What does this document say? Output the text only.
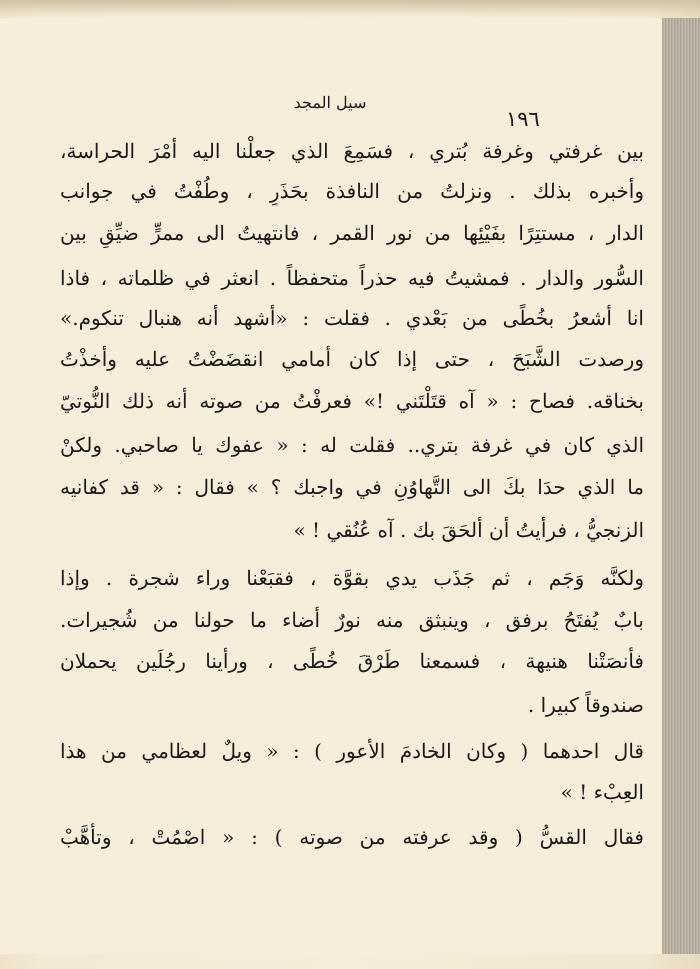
١٩٦
سيل المجد
بين غرفتي وغرفة بُتري ، فسَمِعَ الذي جعلْنا اليه أمْرَ الحراسة،
وأخبره بذلك . ونزلتُ من النافذة بحَذَرٍ ، وطُفْتُ في جوانب
الدار ، مستتِرًا بفَيْئِها من نور القمر ، فانتهيتُ الى ممرٍّ ضيِّقٍ بين
السُّور والدار . فمشيتُ فيه حذراً متحفظاً . انعثر في ظلماته ، فاذا
انا أشعرُ بخُطًى من بَعْدي . فقلت : «أشهد أنه هنبال تنكوم.»
ورصدت الشَّبَحَ ، حتى إذا كان أمامي انقضَضْتُ عليه وأخذْتُ
بخناقه. فصاح : « آه قتَلْتَني !» فعرفْتُ من صوته أنه ذلك النُّوتيّ
الذي كان في غرفة بتري.. فقلت له : « عفوك يا صاحبي. ولكنْ
ما الذي حدَا بكَ الى التَّهاوُنِ في واجبك ؟ » فقال : « قد كفانيه
الزنجيُّ ، فرأيتُ أن ألحَقَ بك . آه عُنُقي ! »
ولكنَّه وَجَم ، ثم جَذَب يدي بقوَّة ، فقبَعْنا وراء شجرة . وإذا
بابٌ يُفتَحُ برفق ، وينبثق منه نورٌ أضاء ما حولنا من شُجيرات.
فأنصَتْنا هنيهة ، فسمعنا طَرْقَ خُطًى ، ورأينا رجُلَين يحملان
صندوقاً كبيرا .
قال احدهما ( وكان الخادمَ الأعور ) : « ويلٌ لعظامي من هذا
العِبْء ! »
فقال القسُّ ( وقد عرفته من صوته ) : « اصْمُتْ ، وتأهَّبْ
